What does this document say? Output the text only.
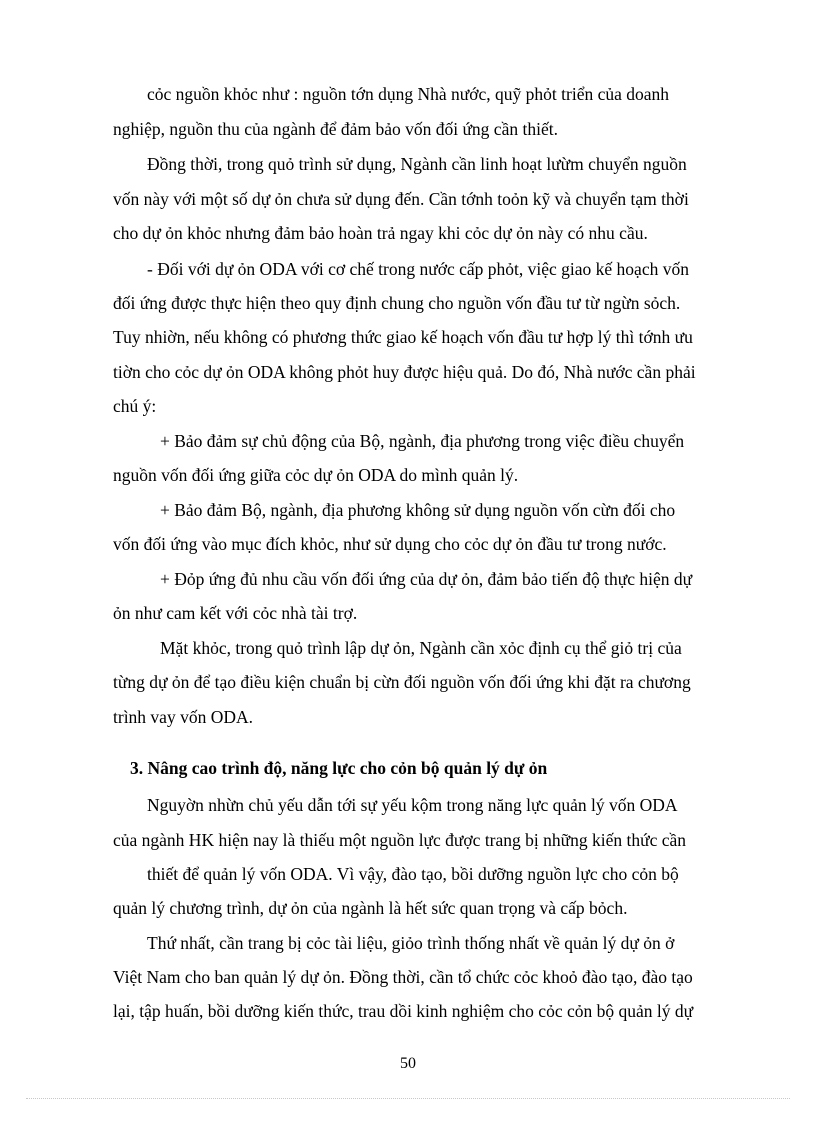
cỏc nguồn khỏc như : nguồn tớn dụng Nhà nước, quỹ phỏt triển của doanh
nghiệp, nguồn thu của ngành để đảm bảo vốn đối ứng cần thiết.
Đồng thời, trong quỏ trình sử dụng, Ngành cần linh hoạt lưừm chuyển nguồn
vốn này với một số dự ỏn chưa sử dụng đến. Cần tớnh toỏn kỹ và chuyển tạm thời
cho dự ỏn khỏc nhưng đảm bảo hoàn trả ngay khi cỏc dự ỏn này có nhu cầu.
- Đối với dự ỏn ODA với cơ chế trong nước cấp phỏt, việc giao kế hoạch vốn
đối ứng được thực hiện theo quy định chung cho nguồn vốn đầu tư từ ngừn sỏch.
Tuy nhiờn, nếu không có phương thức giao kế hoạch vốn đầu tư hợp lý thì tớnh ưu
tiờn cho cỏc dự ỏn ODA không phỏt huy được hiệu quả. Do đó, Nhà nước cần phải
chú ý:
+ Bảo đảm sự chủ động của Bộ, ngành, địa phương trong việc điều chuyển
nguồn vốn đối ứng giữa cỏc dự ỏn ODA do mình quản lý.
+ Bảo đảm Bộ, ngành, địa phương không sử dụng nguồn vốn cừn đối cho
vốn đối ứng vào mục đích khỏc, như sử dụng cho cỏc dự ỏn đầu tư trong nước.
+ Đỏp ứng đủ nhu cầu vốn đối ứng của dự ỏn, đảm bảo tiến độ thực hiện dự
ỏn như cam kết với cỏc nhà tài trợ.
Mặt khỏc, trong quỏ trình lập dự ỏn, Ngành cần xỏc định cụ thể giỏ trị của
từng dự ỏn để tạo điều kiện chuẩn bị cừn đối nguồn vốn đối ứng khi đặt ra chương
trình vay vốn ODA.
3. Nâng cao trình độ, năng lực cho cỏn bộ quản lý dự ỏn
Nguyờn nhừn chủ yếu dẫn tới sự yếu kộm trong năng lực quản lý vốn ODA
của ngành HK hiện nay là thiếu một nguồn lực được trang bị những kiến thức cần
thiết để quản lý vốn ODA. Vì vậy, đào tạo, bồi dưỡng nguồn lực cho cỏn bộ
quản lý chương trình, dự ỏn của ngành là hết sức quan trọng và cấp bỏch.
Thứ nhất, cần trang bị cỏc tài liệu, giỏo trình thống nhất về quản lý dự ỏn ở
Việt Nam cho ban quản lý dự ỏn. Đồng thời, cần tổ chức cỏc khoỏ đào tạo, đào tạo
lại, tập huấn, bồi dưỡng kiến thức, trau dồi kinh nghiệm cho cỏc cỏn bộ quản lý dự
50
